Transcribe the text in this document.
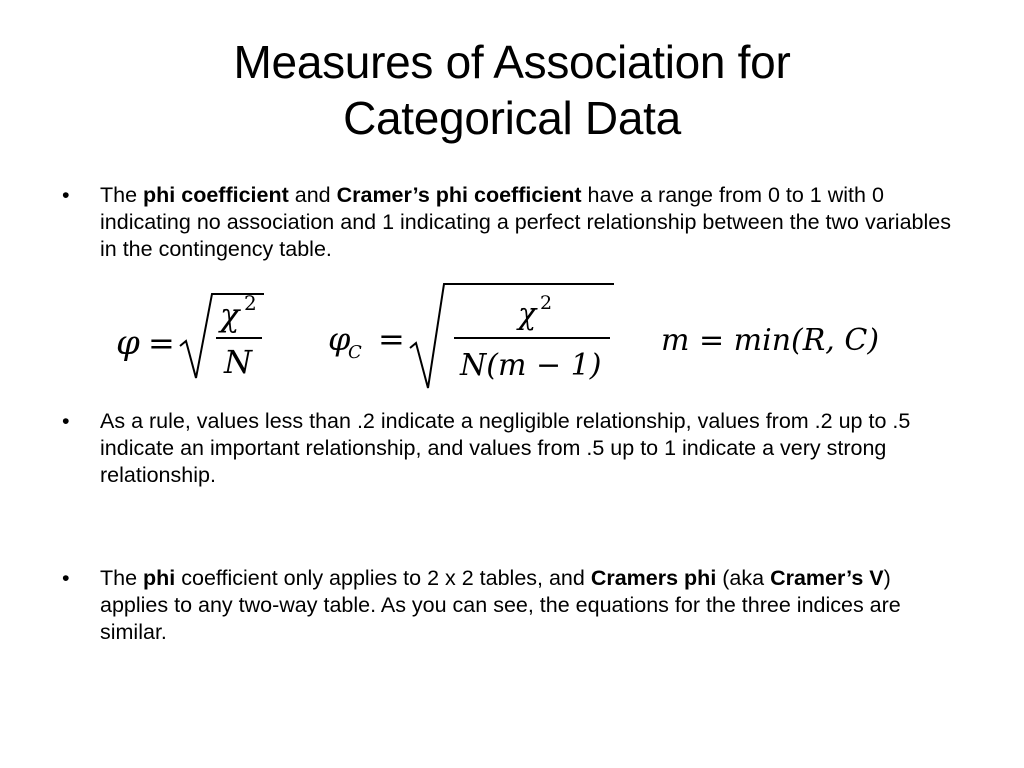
Measures of Association for
Categorical Data
•	The phi coefficient and Cramer’s phi coefficient have a range from 0 to 1 with 0 indicating no association and 1 indicating a perfect relationship between the two variables in the contingency table.
φ =
χ 2
N
φ
C =
χ 2
N(m − 1)
m = min(R, C)
•	As a rule, values less than .2 indicate a negligible relationship, values from .2 up to .5 indicate an important relationship, and values from .5 up to 1 indicate a very strong relationship.
•	The phi coefficient only applies to 2 x 2 tables, and Cramers phi (aka Cramer’s V) applies to any two-way table. As you can see, the equations for the three indices are similar.
